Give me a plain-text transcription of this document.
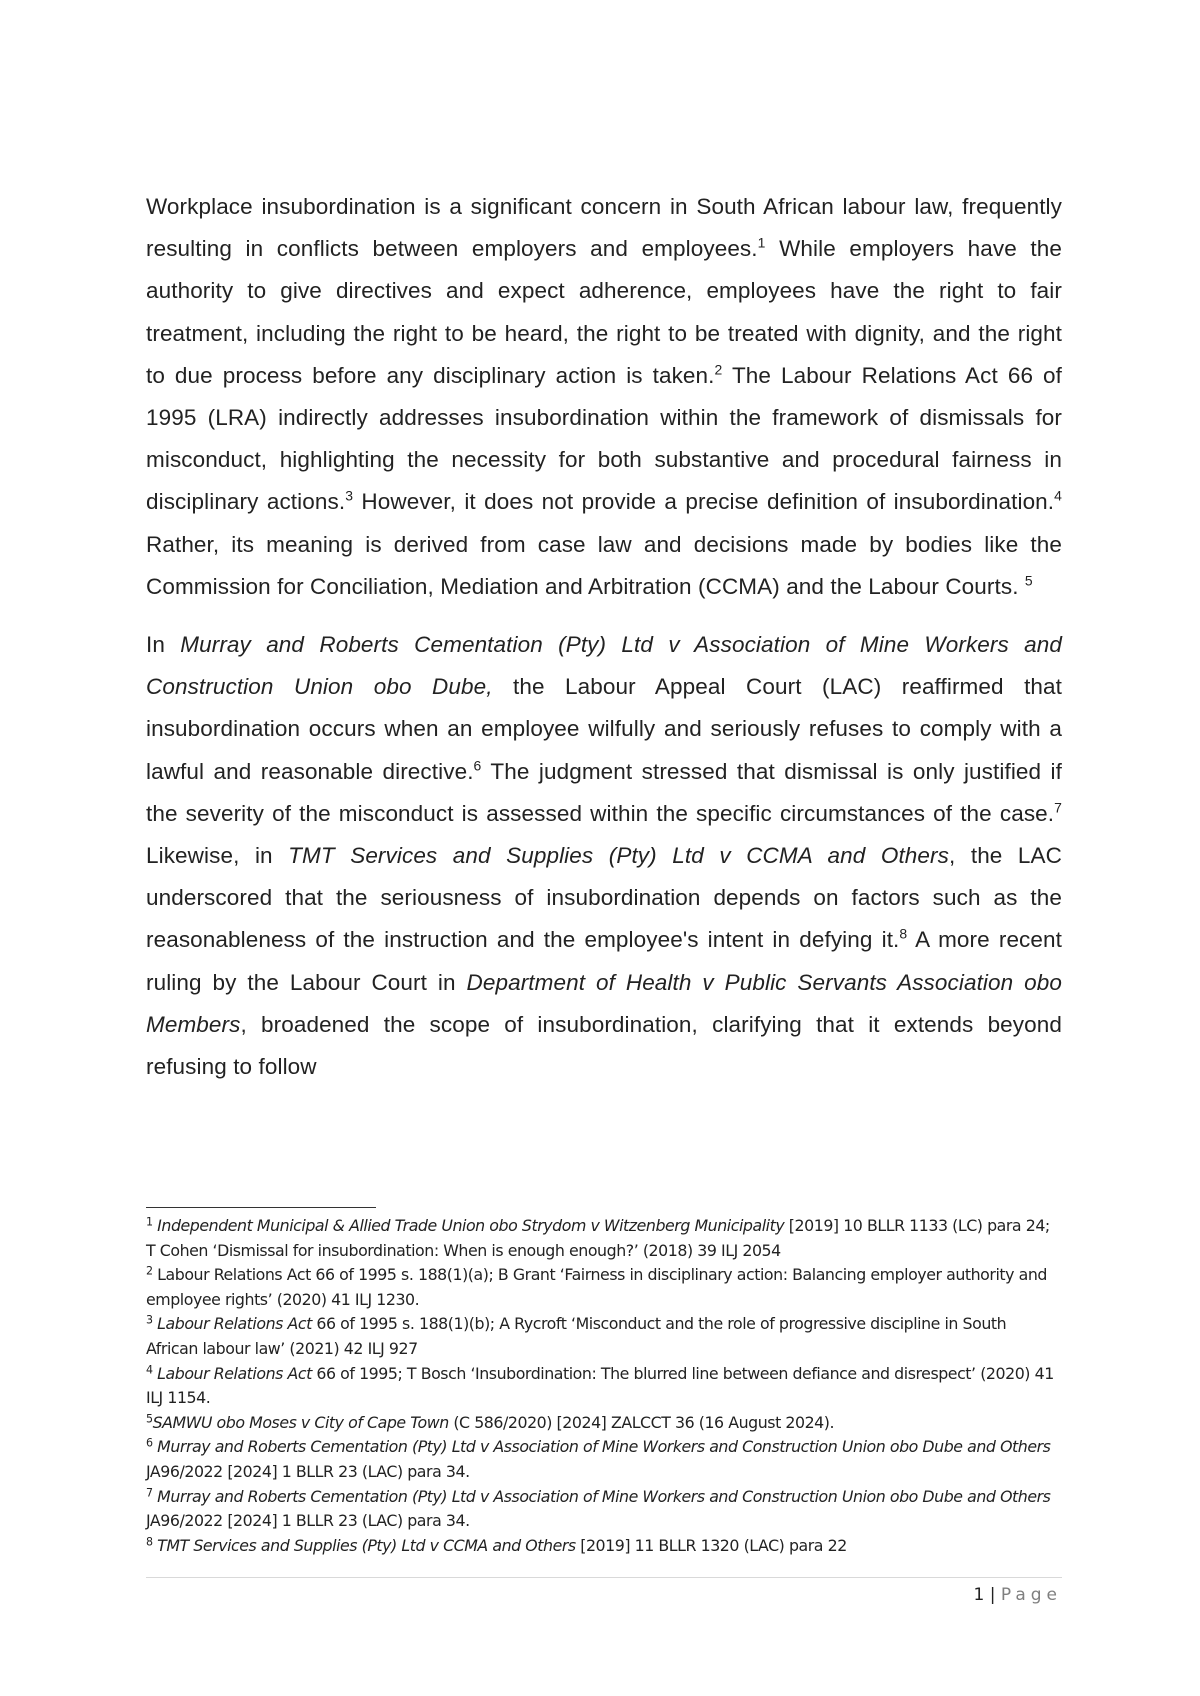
Workplace insubordination is a significant concern in South African labour law, frequently resulting in conflicts between employers and employees.$^1$ While employers have the authority to give directives and expect adherence, employees have the right to fair treatment, including the right to be heard, the right to be treated with dignity, and the right to due process before any disciplinary action is taken.$^2$ The Labour Relations Act 66 of 1995 (LRA) indirectly addresses insubordination within the framework of dismissals for misconduct, highlighting the necessity for both substantive and procedural fairness in disciplinary actions.$^3$ However, it does not provide a precise definition of insubordination.$^4$ Rather, its meaning is derived from case law and decisions made by bodies like the Commission for Conciliation, Mediation and Arbitration (CCMA) and the Labour Courts. $^5$

In Murray and Roberts Cementation (Pty) Ltd v Association of Mine Workers and Construction Union obo Dube, the Labour Appeal Court (LAC) reaffirmed that insubordination occurs when an employee wilfully and seriously refuses to comply with a lawful and reasonable directive.$^6$ The judgment stressed that dismissal is only justified if the severity of the misconduct is assessed within the specific circumstances of the case.$^7$ Likewise, in TMT Services and Supplies (Pty) Ltd v CCMA and Others, the LAC underscored that the seriousness of insubordination depends on factors such as the reasonableness of the instruction and the employee's intent in defying it.$^8$ A more recent ruling by the Labour Court in Department of Health v Public Servants Association obo Members, broadened the scope of insubordination, clarifying that it extends beyond refusing to follow

$^1$ Independent Municipal & Allied Trade Union obo Strydom v Witzenberg Municipality [2019] 10 BLLR 1133 (LC) para 24; T Cohen ‘Dismissal for insubordination: When is enough enough?’ (2018) 39 ILJ 2054
$^2$ Labour Relations Act 66 of 1995 s. 188(1)(a); B Grant ‘Fairness in disciplinary action: Balancing employer authority and employee rights’ (2020) 41 ILJ 1230.
$^3$ Labour Relations Act 66 of 1995 s. 188(1)(b); A Rycroft ‘Misconduct and the role of progressive discipline in South African labour law’ (2021) 42 ILJ 927
$^4$ Labour Relations Act 66 of 1995; T Bosch ‘Insubordination: The blurred line between defiance and disrespect’ (2020) 41 ILJ 1154.
$^5$SAMWU obo Moses v City of Cape Town (C 586/2020) [2024] ZALCCT 36 (16 August 2024).
$^6$ Murray and Roberts Cementation (Pty) Ltd v Association of Mine Workers and Construction Union obo Dube and Others JA96/2022 [2024] 1 BLLR 23 (LAC) para 34.
$^7$ Murray and Roberts Cementation (Pty) Ltd v Association of Mine Workers and Construction Union obo Dube and Others JA96/2022 [2024] 1 BLLR 23 (LAC) para 34.
$^8$ TMT Services and Supplies (Pty) Ltd v CCMA and Others [2019] 11 BLLR 1320 (LAC) para 22
1 | Page
